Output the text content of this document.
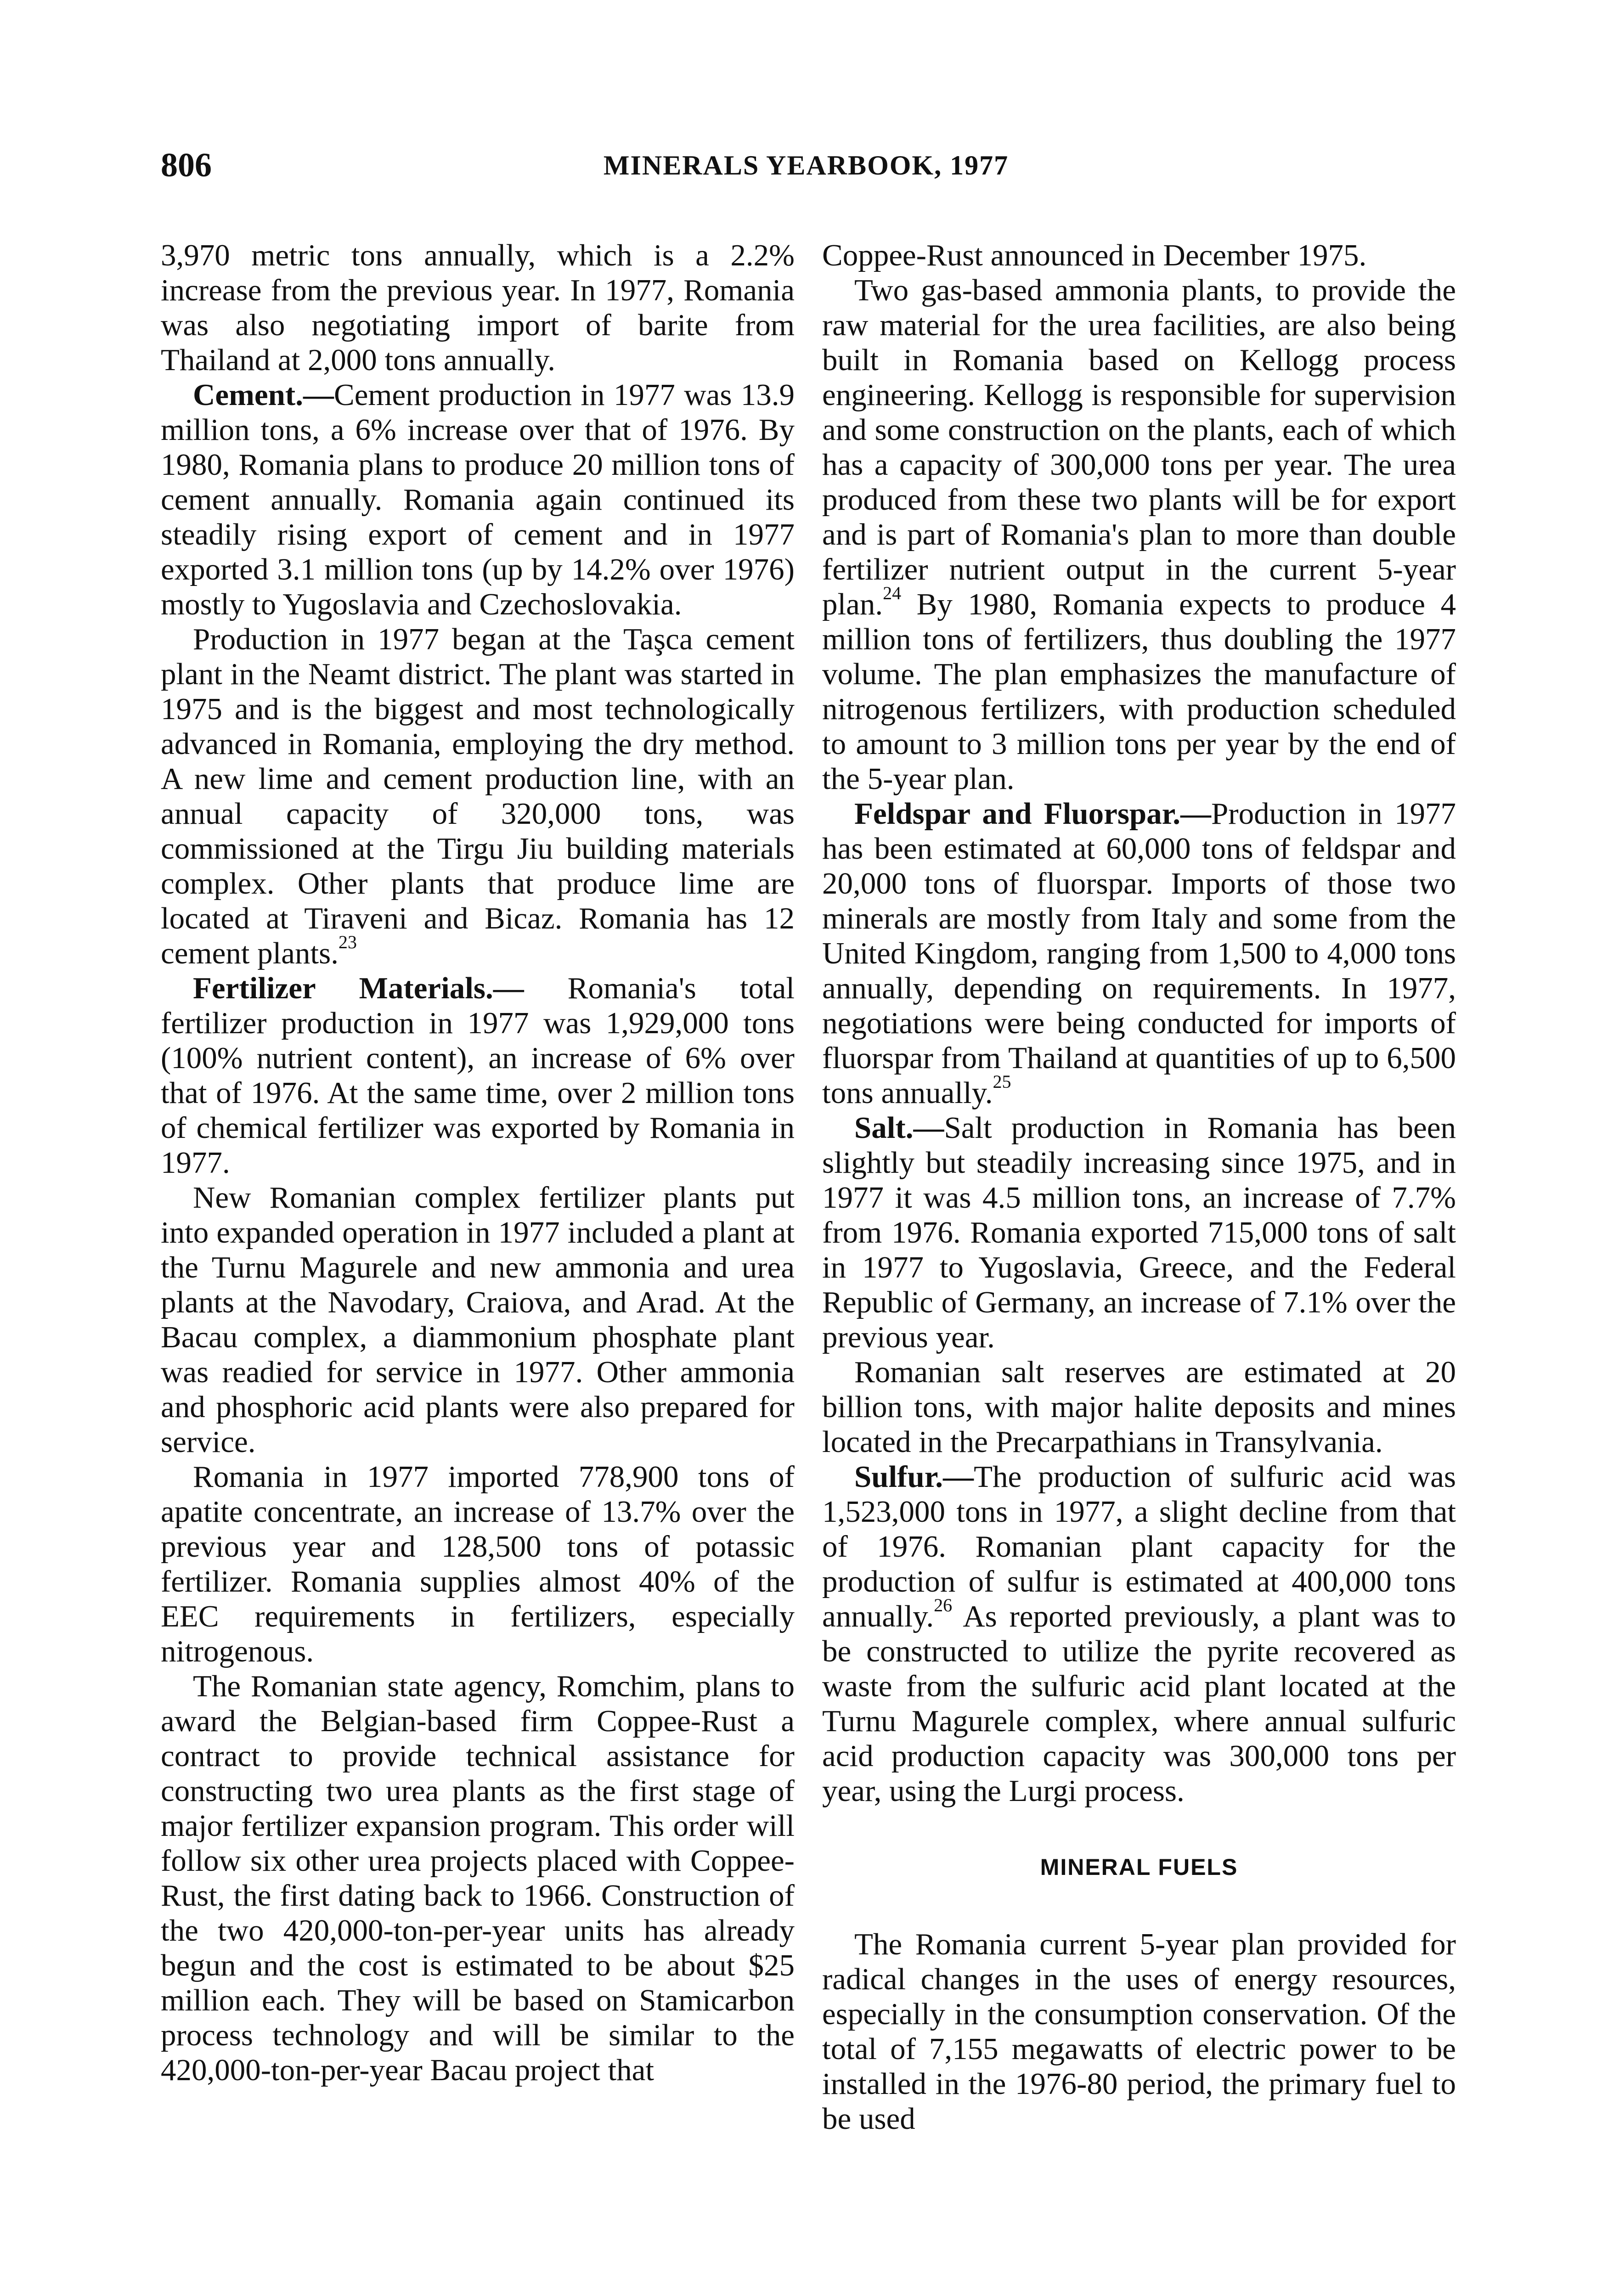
806	MINERALS YEARBOOK, 1977

3,970 metric tons annually, which is a 2.2% increase from the previous year. In 1977, Romania was also negotiating import of barite from Thailand at 2,000 tons annually.

Cement.—Cement production in 1977 was 13.9 million tons, a 6% increase over that of 1976. By 1980, Romania plans to produce 20 million tons of cement annually. Romania again continued its steadily rising export of cement and in 1977 exported 3.1 million tons (up by 14.2% over 1976) mostly to Yugoslavia and Czechoslovakia.

Production in 1977 began at the Taşca cement plant in the Neamt district. The plant was started in 1975 and is the biggest and most technologically advanced in Romania, employing the dry method. A new lime and cement production line, with an annual capacity of 320,000 tons, was commissioned at the Tirgu Jiu building materials complex. Other plants that produce lime are located at Tiraveni and Bicaz. Romania has 12 cement plants.$^{23}$

Fertilizer Materials.— Romania's total fertilizer production in 1977 was 1,929,000 tons (100% nutrient content), an increase of 6% over that of 1976. At the same time, over 2 million tons of chemical fertilizer was exported by Romania in 1977.

New Romanian complex fertilizer plants put into expanded operation in 1977 included a plant at the Turnu Magurele and new ammonia and urea plants at the Navodary, Craiova, and Arad. At the Bacau complex, a diammonium phosphate plant was readied for service in 1977. Other ammonia and phosphoric acid plants were also prepared for service.

Romania in 1977 imported 778,900 tons of apatite concentrate, an increase of 13.7% over the previous year and 128,500 tons of potassic fertilizer. Romania supplies almost 40% of the EEC requirements in fertilizers, especially nitrogenous.

The Romanian state agency, Romchim, plans to award the Belgian-based firm Coppee-Rust a contract to provide technical assistance for constructing two urea plants as the first stage of major fertilizer expansion program. This order will follow six other urea projects placed with Coppee-Rust, the first dating back to 1966. Construction of the two 420,000-ton-per-year units has already begun and the cost is estimated to be about $25 million each. They will be based on Stamicarbon process technology and will be similar to the 420,000-ton-per-year Bacau project that

Coppee-Rust announced in December 1975.

Two gas-based ammonia plants, to provide the raw material for the urea facilities, are also being built in Romania based on Kellogg process engineering. Kellogg is responsible for supervision and some construction on the plants, each of which has a capacity of 300,000 tons per year. The urea produced from these two plants will be for export and is part of Romania's plan to more than double fertilizer nutrient output in the current 5-year plan.$^{24}$ By 1980, Romania expects to produce 4 million tons of fertilizers, thus doubling the 1977 volume. The plan emphasizes the manufacture of nitrogenous fertilizers, with production scheduled to amount to 3 million tons per year by the end of the 5-year plan.

Feldspar and Fluorspar.—Production in 1977 has been estimated at 60,000 tons of feldspar and 20,000 tons of fluorspar. Imports of those two minerals are mostly from Italy and some from the United Kingdom, ranging from 1,500 to 4,000 tons annually, depending on requirements. In 1977, negotiations were being conducted for imports of fluorspar from Thailand at quantities of up to 6,500 tons annually.$^{25}$

Salt.—Salt production in Romania has been slightly but steadily increasing since 1975, and in 1977 it was 4.5 million tons, an increase of 7.7% from 1976. Romania exported 715,000 tons of salt in 1977 to Yugoslavia, Greece, and the Federal Republic of Germany, an increase of 7.1% over the previous year.

Romanian salt reserves are estimated at 20 billion tons, with major halite deposits and mines located in the Precarpathians in Transylvania.

Sulfur.—The production of sulfuric acid was 1,523,000 tons in 1977, a slight decline from that of 1976. Romanian plant capacity for the production of sulfur is estimated at 400,000 tons annually.$^{26}$ As reported previously, a plant was to be constructed to utilize the pyrite recovered as waste from the sulfuric acid plant located at the Turnu Magurele complex, where annual sulfuric acid production capacity was 300,000 tons per year, using the Lurgi process.

MINERAL FUELS

The Romania current 5-year plan provided for radical changes in the uses of energy resources, especially in the consumption conservation. Of the total of 7,155 megawatts of electric power to be installed in the 1976-80 period, the primary fuel to be used
